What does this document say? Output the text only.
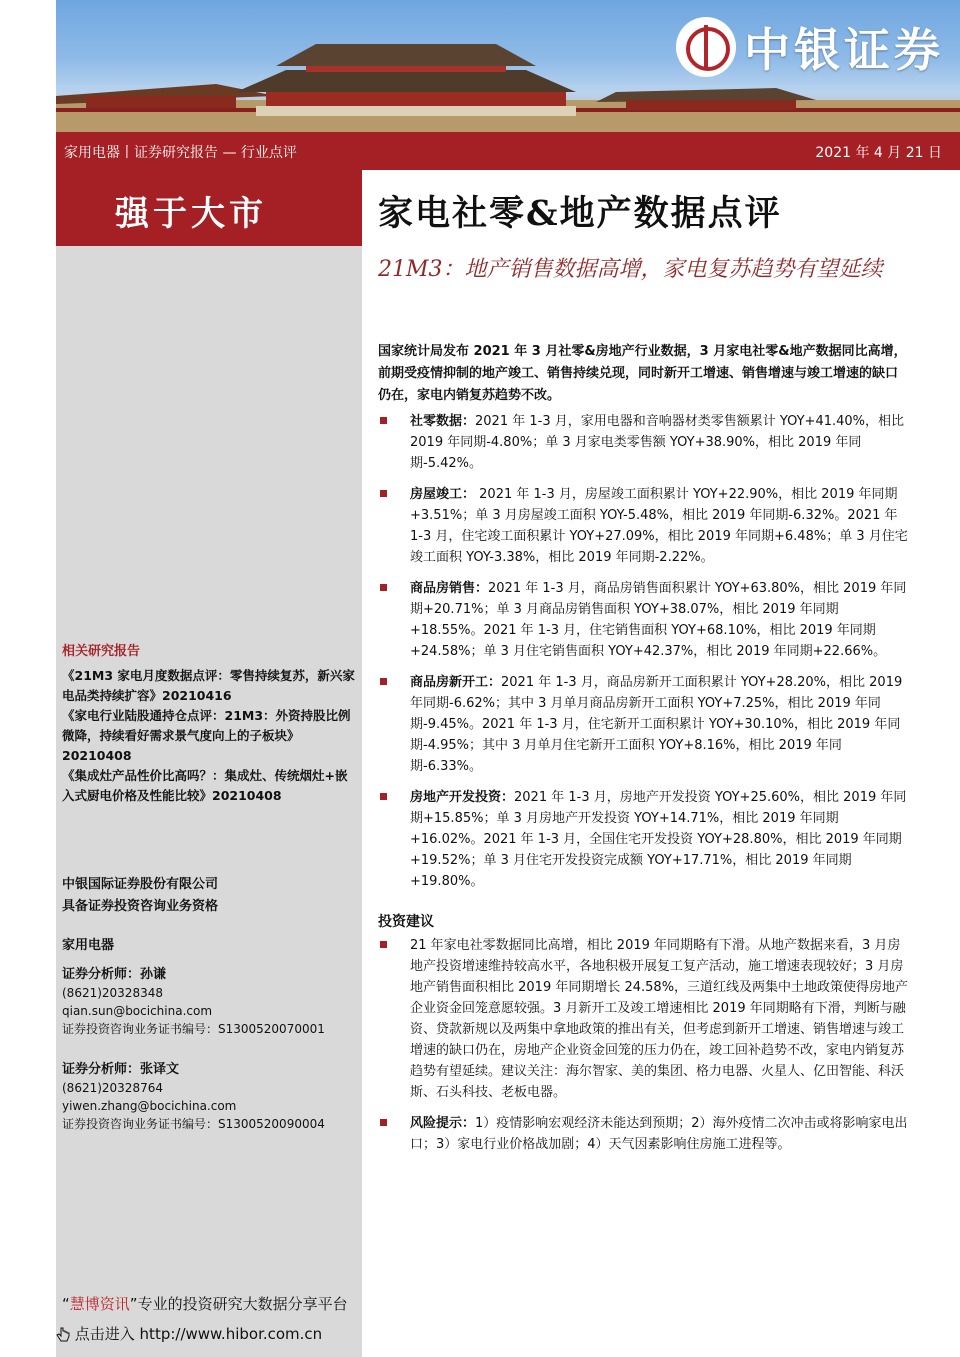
中银证券
家用电器丨证券研究报告 — 行业点评	2021 年 4 月 21 日
强于大市	家电社零&地产数据点评
21M3：地产销售数据高增，家电复苏趋势有望延续
国家统计局发布 2021 年 3 月社零&房地产行业数据，3 月家电社零&地产数据同比高增，前期受疫情抑制的地产竣工、销售持续兑现，同时新开工增速、销售增速与竣工增速的缺口仍在，家电内销复苏趋势不改。
社零数据：2021 年 1-3 月，家用电器和音响器材类零售额累计 YOY+41.40%，相比 2019 年同期-4.80%；单 3 月家电类零售额 YOY+38.90%，相比 2019 年同期-5.42%。
房屋竣工： 2021 年 1-3 月，房屋竣工面积累计 YOY+22.90%，相比 2019 年同期+3.51%；单 3 月房屋竣工面积 YOY-5.48%，相比 2019 年同期-6.32%。2021 年 1-3 月，住宅竣工面积累计 YOY+27.09%，相比 2019 年同期+6.48%；单 3 月住宅竣工面积 YOY-3.38%，相比 2019 年同期-2.22%。
商品房销售：2021 年 1-3 月，商品房销售面积累计 YOY+63.80%，相比 2019 年同期+20.71%；单 3 月商品房销售面积 YOY+38.07%，相比 2019 年同期+18.55%。2021 年 1-3 月，住宅销售面积 YOY+68.10%，相比 2019 年同期+24.58%；单 3 月住宅销售面积 YOY+42.37%，相比 2019 年同期+22.66%。
商品房新开工：2021 年 1-3 月，商品房新开工面积累计 YOY+28.20%，相比 2019 年同期-6.62%；其中 3 月单月商品房新开工面积 YOY+7.25%，相比 2019 年同期-9.45%。2021 年 1-3 月，住宅新开工面积累计 YOY+30.10%，相比 2019 年同期-4.95%；其中 3 月单月住宅新开工面积 YOY+8.16%，相比 2019 年同期-6.33%。
房地产开发投资：2021 年 1-3 月，房地产开发投资 YOY+25.60%，相比 2019 年同期+15.85%；单 3 月房地产开发投资 YOY+14.71%，相比 2019 年同期+16.02%。2021 年 1-3 月，全国住宅开发投资 YOY+28.80%，相比 2019 年同期+19.52%；单 3 月住宅开发投资完成额 YOY+17.71%，相比 2019 年同期+19.80%。
投资建议
21 年家电社零数据同比高增，相比 2019 年同期略有下滑。从地产数据来看，3 月房地产投资增速维持较高水平，各地积极开展复工复产活动，施工增速表现较好；3 月房地产销售面积相比 2019 年同期增长 24.58%，三道红线及两集中土地政策使得房地产企业资金回笼意愿较强。3 月新开工及竣工增速相比 2019 年同期略有下滑，判断与融资、贷款新规以及两集中拿地政策的推出有关，但考虑到新开工增速、销售增速与竣工增速的缺口仍在，房地产企业资金回笼的压力仍在，竣工回补趋势不改，家电内销复苏趋势有望延续。建议关注：海尔智家、美的集团、格力电器、火星人、亿田智能、科沃斯、石头科技、老板电器。
风险提示：1）疫情影响宏观经济未能达到预期；2）海外疫情二次冲击或将影响家电出口；3）家电行业价格战加剧；4）天气因素影响住房施工进程等。
相关研究报告
《21M3 家电月度数据点评：零售持续复苏，新兴家电品类持续扩容》20210416
《家电行业陆股通持仓点评：21M3：外资持股比例微降，持续看好需求景气度向上的子板块》20210408
《集成灶产品性价比高吗？：集成灶、传统烟灶+嵌入式厨电价格及性能比较》20210408
中银国际证券股份有限公司
具备证券投资咨询业务资格
家用电器
证券分析师：孙谦
(8621)20328348
qian.sun@bocichina.com
证券投资咨询业务证书编号：S1300520070001
证券分析师：张译文
(8621)20328764
yiwen.zhang@bocichina.com
证券投资咨询业务证书编号：S1300520090004
“慧博资讯”专业的投资研究大数据分享平台
点击进入 http://www.hibor.com.cn
